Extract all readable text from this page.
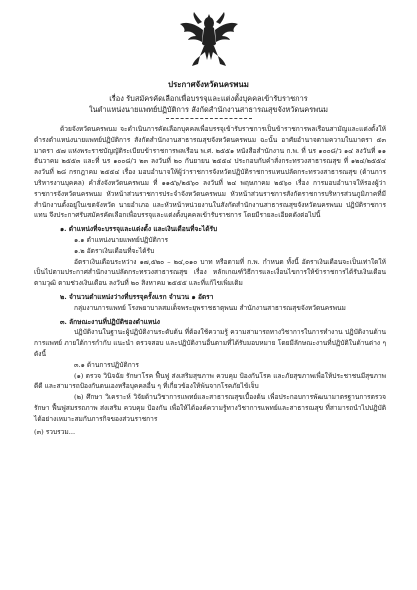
ประกาศจังหวัดนครพนม
เรื่อง รับสมัครคัดเลือกเพื่อบรรจุและแต่งตั้งบุคคลเข้ารับราชการ
ในตำแหน่งนายแพทย์ปฏิบัติการ สังกัดสำนักงานสาธารณสุขจังหวัดนครพนม

ด้วยจังหวัดนครพนม จะดำเนินการคัดเลือกบุคคลเพื่อบรรจุเข้ารับราชการเป็นข้าราชการพลเรือนสามัญและแต่งตั้งให้ดำรงตำแหน่งนายแพทย์ปฏิบัติการ สังกัดสำนักงานสาธารณสุขจังหวัดนครพนม ฉะนั้น อาศัยอำนาจตามความในมาตรา ๕๓ มาตรา ๕๗ แห่งพระราชบัญญัติระเบียบข้าราชการพลเรือน พ.ศ. ๒๕๕๑ หนังสือสำนักงาน ก.พ. ที่ นร ๑๐๐๘/ว ๑๔ ลงวันที่ ๑๑ ธันวาคม ๒๕๕๓ และที่ นร ๑๐๐๘/ว ๒๓ ลงวันที่ ๒๐ กันยายน ๒๕๕๔ ประกอบกับคำสั่งกระทรวงสาธารณสุข ที่ ๑๒๔/๒๕๕๔ ลงวันที่ ๒๘ กรกฎาคม ๒๕๕๔ เรื่อง มอบอำนาจให้ผู้ว่าราชการจังหวัดปฏิบัติราชการแทนปลัดกระทรวงสาธารณสุข (ด้านการบริหารงานบุคคล) คำสั่งจังหวัดนครพนม ที่ ๑๑๕๖/๒๕๖๐ ลงวันที่ ๒๔ พฤษภาคม ๒๕๖๐ เรื่อง การมอบอำนาจให้รองผู้ว่าราชการจังหวัดนครพนม หัวหน้าส่วนราชการประจำจังหวัดนครพนม หัวหน้าส่วนราชการสังกัดราชการบริหารส่วนภูมิภาคที่มีสำนักงานตั้งอยู่ในเขตจังหวัด นายอำเภอ และหัวหน้าหน่วยงานในสังกัดสำนักงานสาธารณสุขจังหวัดนครพนม ปฏิบัติราชการแทน จึงประกาศรับสมัครคัดเลือกเพื่อบรรจุและแต่งตั้งบุคคลเข้ารับราชการ โดยมีรายละเอียดดังต่อไปนี้

๑. ตำแหน่งที่จะบรรจุและแต่งตั้ง และเงินเดือนที่จะได้รับ

๑.๑ ตำแหน่งนายแพทย์ปฏิบัติการ

๑.๒ อัตราเงินเดือนที่จะได้รับ

อัตราเงินเดือนระหว่าง ๑๗,๕๒๐ – ๒๔,๐๑๐ บาท หรือตามที่ ก.พ. กำหนด ทั้งนี้ อัตราเงินเดือนจะเป็นเท่าใดให้เป็นไปตามประกาศสำนักงานปลัดกระทรวงสาธารณสุข เรื่อง หลักเกณฑ์วิธีการและเงื่อนไขการให้ข้าราชการได้รับเงินเดือนตามวุฒิ ตามช่วงเงินเดือน ลงวันที่ ๒๐ สิงหาคม ๒๕๕๕ และที่แก้ไขเพิ่มเติม

๒. จำนวนตำแหน่งว่างที่บรรจุครั้งแรก จำนวน ๑ อัตรา

กลุ่มงานการแพทย์ โรงพยาบาลสมเด็จพระยุพราชธาตุพนม สำนักงานสาธารณสุขจังหวัดนครพนม

๓. ลักษณะงานที่ปฏิบัติของตำแหน่ง

ปฏิบัติงานในฐานะผู้ปฏิบัติงานระดับต้น ที่ต้องใช้ความรู้ ความสามารถทางวิชาการในการทำงาน ปฏิบัติงานด้านการแพทย์ ภายใต้การกำกับ แนะนำ ตรวจสอบ และปฏิบัติงานอื่นตามที่ได้รับมอบหมาย โดยมีลักษณะงานที่ปฏิบัติในด้านต่าง ๆ ดังนี้

๓.๑ ด้านการปฏิบัติการ

(๑) ตรวจ วินิจฉัย รักษาโรค ฟื้นฟู ส่งเสริมสุขภาพ ควบคุม ป้องกันโรค และภัยสุขภาพเพื่อให้ประชาชนมีสุขภาพดีดี และสามารถป้องกันตนเองหรือบุคคลอื่น ๆ ที่เกี่ยวข้องให้พ้นจากโรคภัยไข้เจ็บ

(๒) ศึกษา วิเคราะห์ วิจัยด้านวิชาการแพทย์และสาธารณสุขเบื้องต้น เพื่อประกอบการพัฒนามาตรฐานการตรวจ รักษา ฟื้นฟูสมรรถภาพ ส่งเสริม ควบคุม ป้องกัน เพื่อให้ได้องค์ความรู้ทางวิชาการแพทย์และสาธารณสุข ที่สามารถนำไปปฏิบัติได้อย่างเหมาะสมกับภารกิจของส่วนราชการ

(๓) รวบรวม...
